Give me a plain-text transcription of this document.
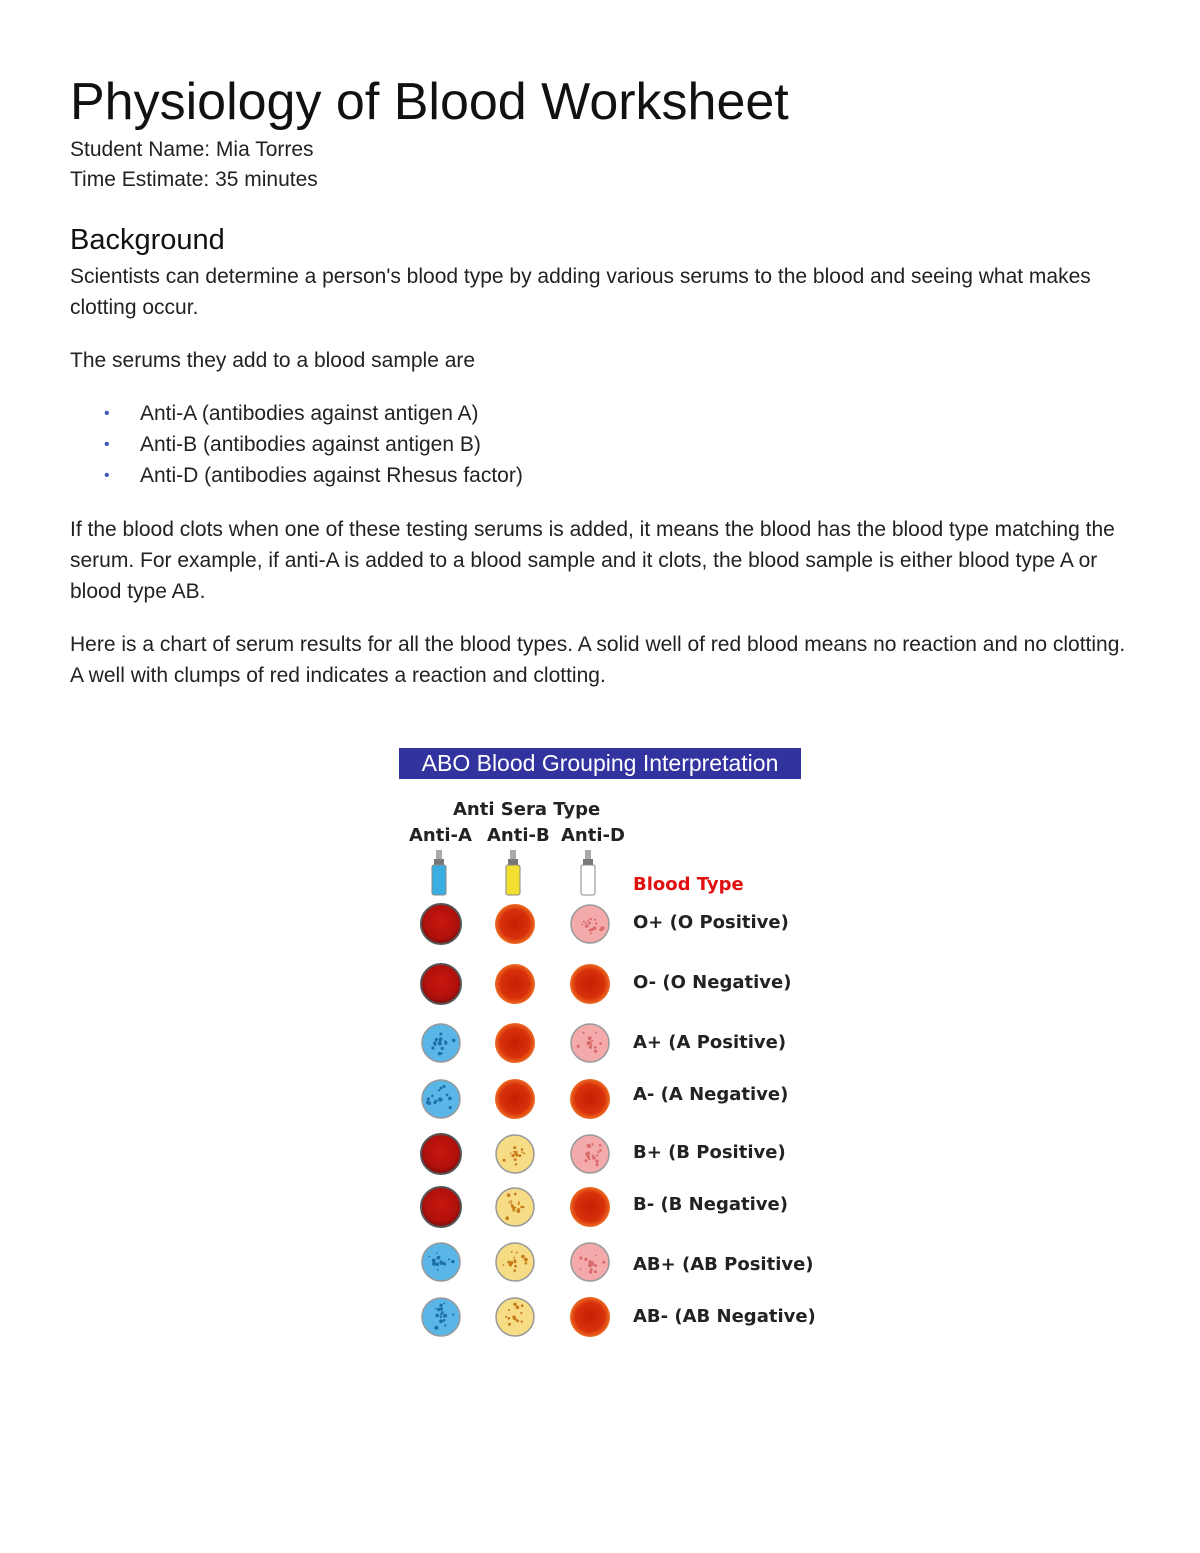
Physiology of Blood Worksheet
Student Name: Mia Torres
Time Estimate: 35 minutes
Background

Scientists can determine a person's blood type by adding various serums to the blood and seeing what makes clotting occur.

The serums they add to a blood sample are

• Anti-A (antibodies against antigen A)
• Anti-B (antibodies against antigen B)
• Anti-D (antibodies against Rhesus factor)

If the blood clots when one of these testing serums is added, it means the blood has the blood type matching the serum. For example, if anti-A is added to a blood sample and it clots, the blood sample is either blood type A or blood type AB.

Here is a chart of serum results for all the blood types. A solid well of red blood means no reaction and no clotting. A well with clumps of red indicates a reaction and clotting.

ABO Blood Grouping Interpretation
Anti Sera Type
Anti-A Anti-B Anti-D
Blood Type
O+ (O Positive)
O- (O Negative)
A+ (A Positive)
A- (A Negative)
B+ (B Positive)
B- (B Negative)
AB+ (AB Positive)
AB- (AB Negative)
